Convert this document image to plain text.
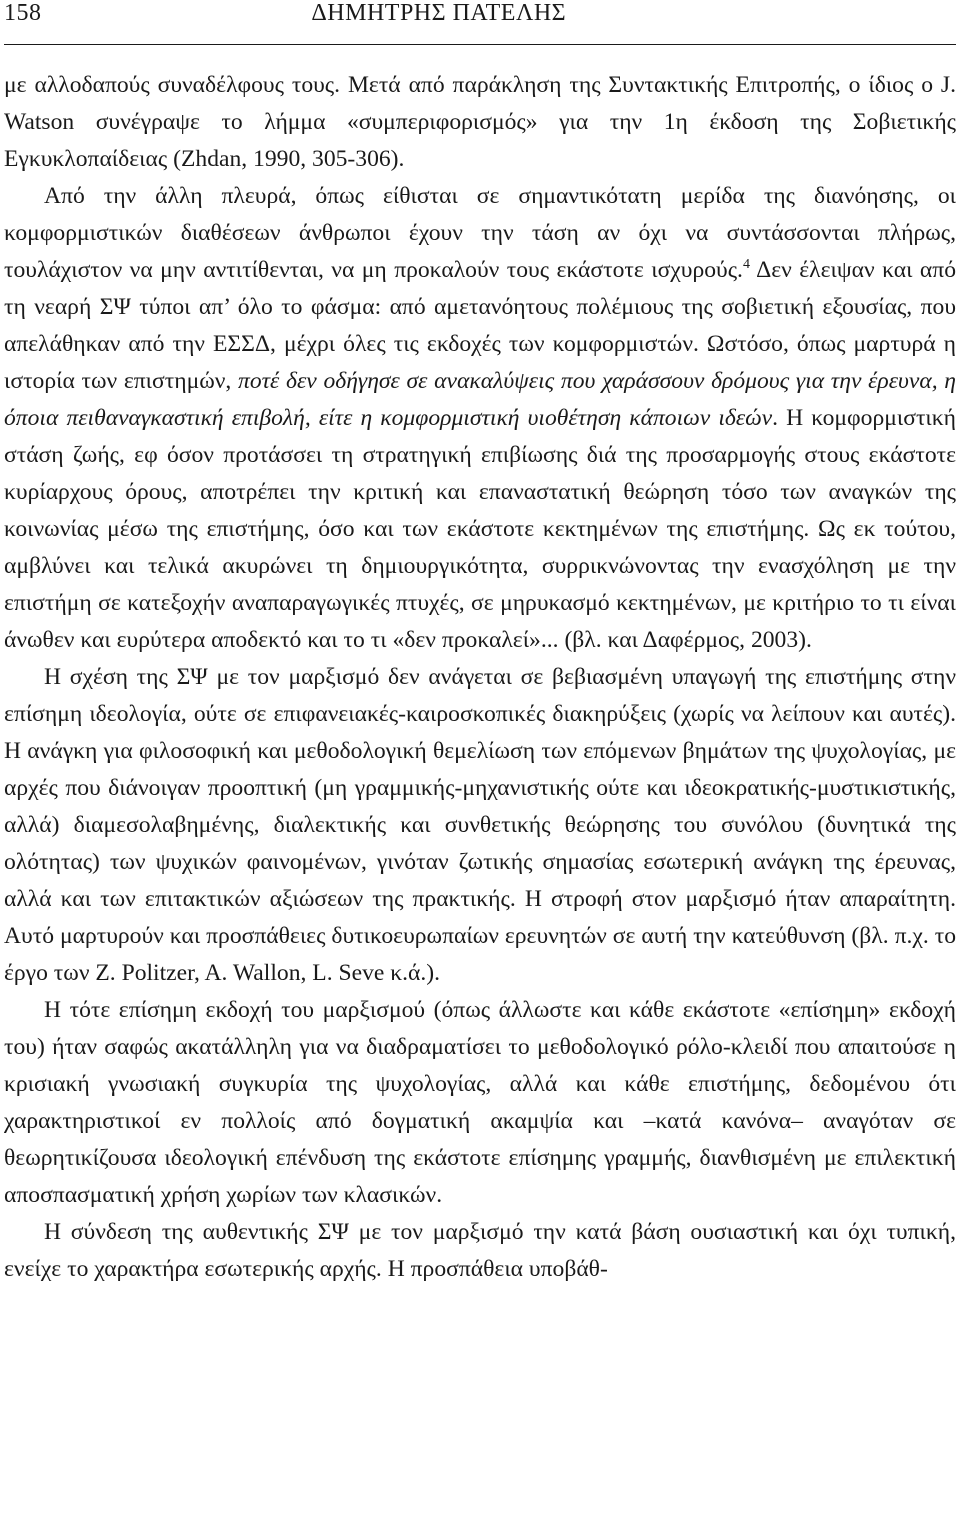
158	ΔΗΜΗΤΡΗΣ ΠΑΤΕΛΗΣ

με αλλοδαπούς συναδέλφους τους. Μετά από παράκληση της Συντακτικής Επιτροπής, ο ίδιος ο J. Watson συνέγραψε το λήμμα «συμπεριφορισμός» για την 1η έκδοση της Σοβιετικής Εγκυκλοπαίδειας (Zhdan, 1990, 305-306).

Από την άλλη πλευρά, όπως είθισται σε σημαντικότατη μερίδα της διανόησης, οι κομφορμιστικών διαθέσεων άνθρωποι έχουν την τάση αν όχι να συντάσσονται πλήρως, τουλάχιστον να μην αντιτίθενται, να μη προκαλούν τους εκάστοτε ισχυρούς.$^4$ Δεν έλειψαν και από τη νεαρή ΣΨ τύποι απ’ όλο το φάσμα: από αμετανόητους πολέμιους της σοβιετική εξουσίας, που απελάθηκαν από την ΕΣΣΔ, μέχρι όλες τις εκδοχές των κομφορμιστών. Ωστόσο, όπως μαρτυρά η ιστορία των επιστημών, ποτέ δεν οδήγησε σε ανακαλύψεις που χαράσσουν δρόμους για την έρευνα, η όποια πειθαναγκαστική επιβολή, είτε η κομφορμιστική υιοθέτηση κάποιων ιδεών. Η κομφορμιστική στάση ζωής, εφ όσον προτάσσει τη στρατηγική επιβίωσης διά της προσαρμογής στους εκάστοτε κυρίαρχους όρους, αποτρέπει την κριτική και επαναστατική θεώρηση τόσο των αναγκών της κοινωνίας μέσω της επιστήμης, όσο και των εκάστοτε κεκτημένων της επιστήμης. Ως εκ τούτου, αμβλύνει και τελικά ακυρώνει τη δημιουργικότητα, συρρικνώνοντας την ενασχόληση με την επιστήμη σε κατεξοχήν αναπαραγωγικές πτυχές, σε μηρυκασμό κεκτημένων, με κριτήριο το τι είναι άνωθεν και ευρύτερα αποδεκτό και το τι «δεν προκαλεί»... (βλ. και Δαφέρμος, 2003).

Η σχέση της ΣΨ με τον μαρξισμό δεν ανάγεται σε βεβιασμένη υπαγωγή της επιστήμης στην επίσημη ιδεολογία, ούτε σε επιφανειακές-καιροσκοπικές διακηρύξεις (χωρίς να λείπουν και αυτές). Η ανάγκη για φιλοσοφική και μεθοδολογική θεμελίωση των επόμενων βημάτων της ψυχολογίας, με αρχές που διάνοιγαν προοπτική (μη γραμμικής-μηχανιστικής ούτε και ιδεοκρατικής-μυστικιστικής, αλλά) διαμεσολαβημένης, διαλεκτικής και συνθετικής θεώρησης του συνόλου (δυνητικά της ολότητας) των ψυχικών φαινομένων, γινόταν ζωτικής σημασίας εσωτερική ανάγκη της έρευνας, αλλά και των επιτακτικών αξιώσεων της πρακτικής. Η στροφή στον μαρξισμό ήταν απαραίτητη. Αυτό μαρτυρούν και προσπάθειες δυτικοευρωπαίων ερευνητών σε αυτή την κατεύθυνση (βλ. π.χ. το έργο των Z. Politzer, A. Wallon, L. Seve κ.ά.).

Η τότε επίσημη εκδοχή του μαρξισμού (όπως άλλωστε και κάθε εκάστοτε «επίσημη» εκδοχή του) ήταν σαφώς ακατάλληλη για να διαδραματίσει το μεθοδολογικό ρόλο-κλειδί που απαιτούσε η κρισιακή γνωσιακή συγκυρία της ψυχολογίας, αλλά και κάθε επιστήμης, δεδομένου ότι χαρακτηριστικοί εν πολλοίς από δογματική ακαμψία και –κατά κανόνα– αναγόταν σε θεωρητικίζουσα ιδεολογική επένδυση της εκάστοτε επίσημης γραμμής, διανθισμένη με επιλεκτική αποσπασματική χρήση χωρίων των κλασικών.

Η σύνδεση της αυθεντικής ΣΨ με τον μαρξισμό την κατά βάση ουσιαστική και όχι τυπική, ενείχε το χαρακτήρα εσωτερικής αρχής. Η προσπάθεια υποβάθ-
